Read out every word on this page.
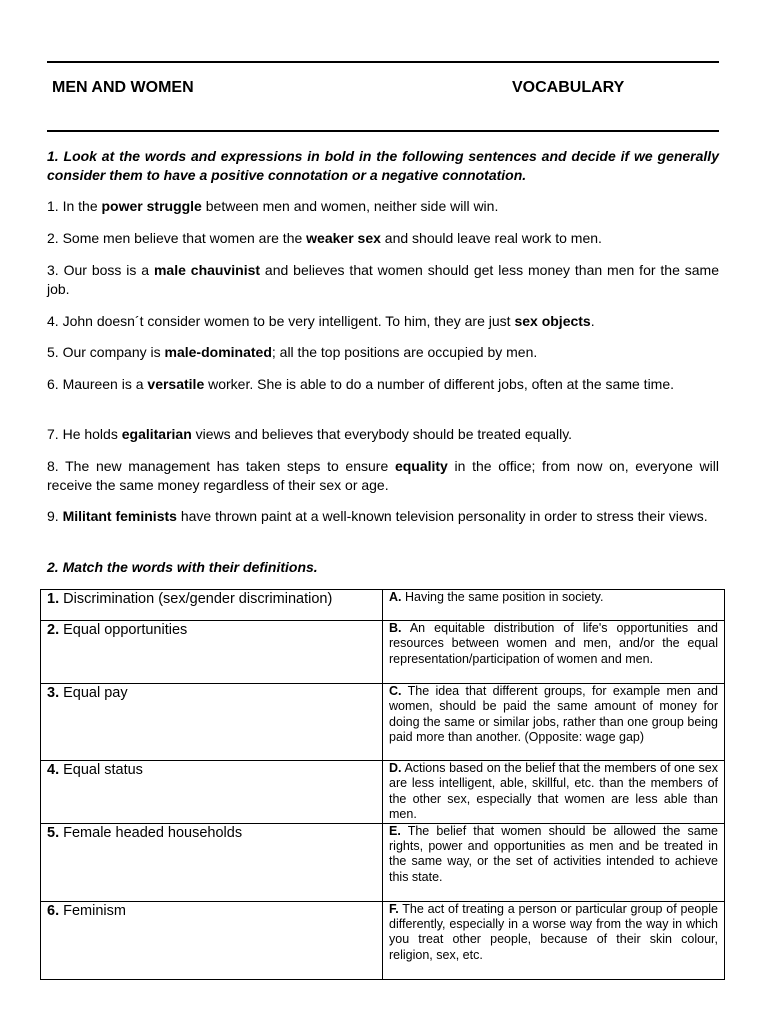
MEN AND WOMEN	VOCABULARY
1. Look at the words and expressions in bold in the following sentences and decide if we generally consider them to have a positive connotation or a negative connotation.
1. In the power struggle between men and women, neither side will win.
2. Some men believe that women are the weaker sex and should leave real work to men.
3. Our boss is a male chauvinist and believes that women should get less money than men for the same job.
4. John doesn´t consider women to be very intelligent. To him, they are just sex objects.
5. Our company is male-dominated; all the top positions are occupied by men.
6. Maureen is a versatile worker. She is able to do a number of different jobs, often at the same time.
7. He holds egalitarian views and believes that everybody should be treated equally.
8. The new management has taken steps to ensure equality in the office; from now on, everyone will receive the same money regardless of their sex or age.
9. Militant feminists have thrown paint at a well-known television personality in order to stress their views.
2. Match the words with their definitions.
1. Discrimination (sex/gender discrimination)	A. Having the same position in society.
2. Equal opportunities	B. An equitable distribution of life's opportunities and resources between women and men, and/or the equal representation/participation of women and men.
3. Equal pay	C. The idea that different groups, for example men and women, should be paid the same amount of money for doing the same or similar jobs, rather than one group being paid more than another. (Opposite: wage gap)
4. Equal status	D. Actions based on the belief that the members of one sex are less intelligent, able, skillful, etc. than the members of the other sex, especially that women are less able than men.
5. Female headed households	E. The belief that women should be allowed the same rights, power and opportunities as men and be treated in the same way, or the set of activities intended to achieve this state.
6. Feminism	F. The act of treating a person or particular group of people differently, especially in a worse way from the way in which you treat other people, because of their skin colour, religion, sex, etc.
